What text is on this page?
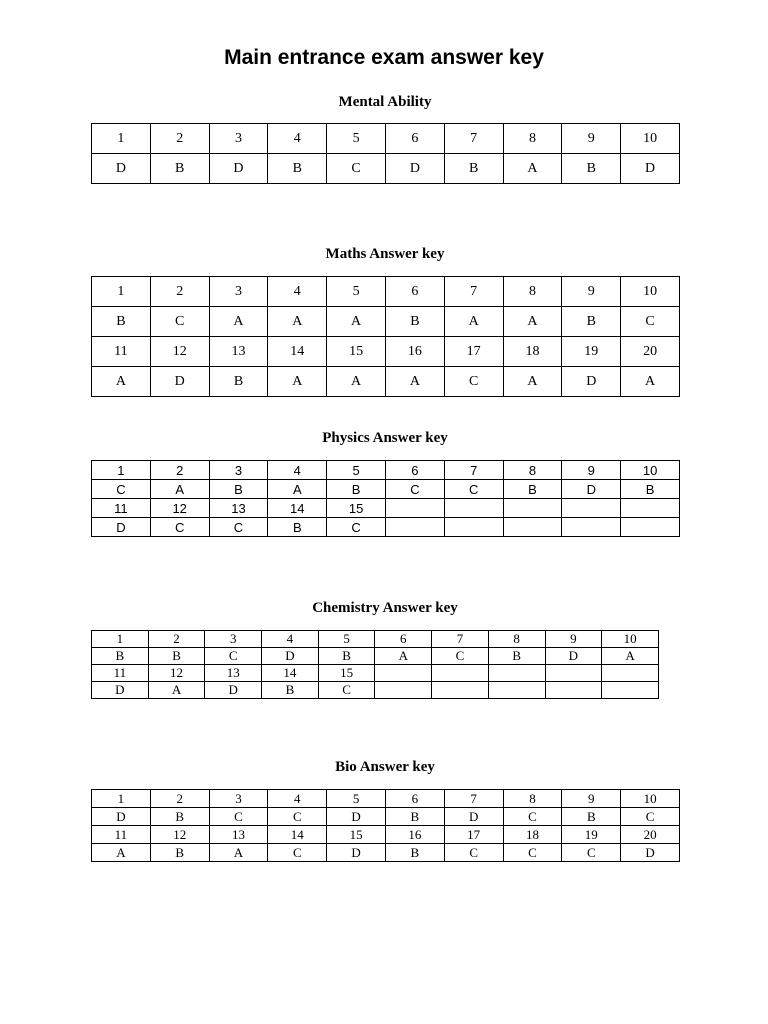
Main entrance exam answer key
Mental Ability
1	2	3	4	5	6	7	8	9	10
D	B	D	B	C	D	B	A	B	D
Maths Answer key
1	2	3	4	5	6	7	8	9	10
B	C	A	A	A	B	A	A	B	C
11	12	13	14	15	16	17	18	19	20
A	D	B	A	A	A	C	A	D	A
Physics Answer key
1	2	3	4	5	6	7	8	9	10
C	A	B	A	B	C	C	B	D	B
11	12	13	14	15					
D	C	C	B	C					
Chemistry Answer key
1	2	3	4	5	6	7	8	9	10
B	B	C	D	B	A	C	B	D	A
11	12	13	14	15					
D	A	D	B	C					
Bio Answer key
1	2	3	4	5	6	7	8	9	10
D	B	C	C	D	B	D	C	B	C
11	12	13	14	15	16	17	18	19	20
A	B	A	C	D	B	C	C	C	D
